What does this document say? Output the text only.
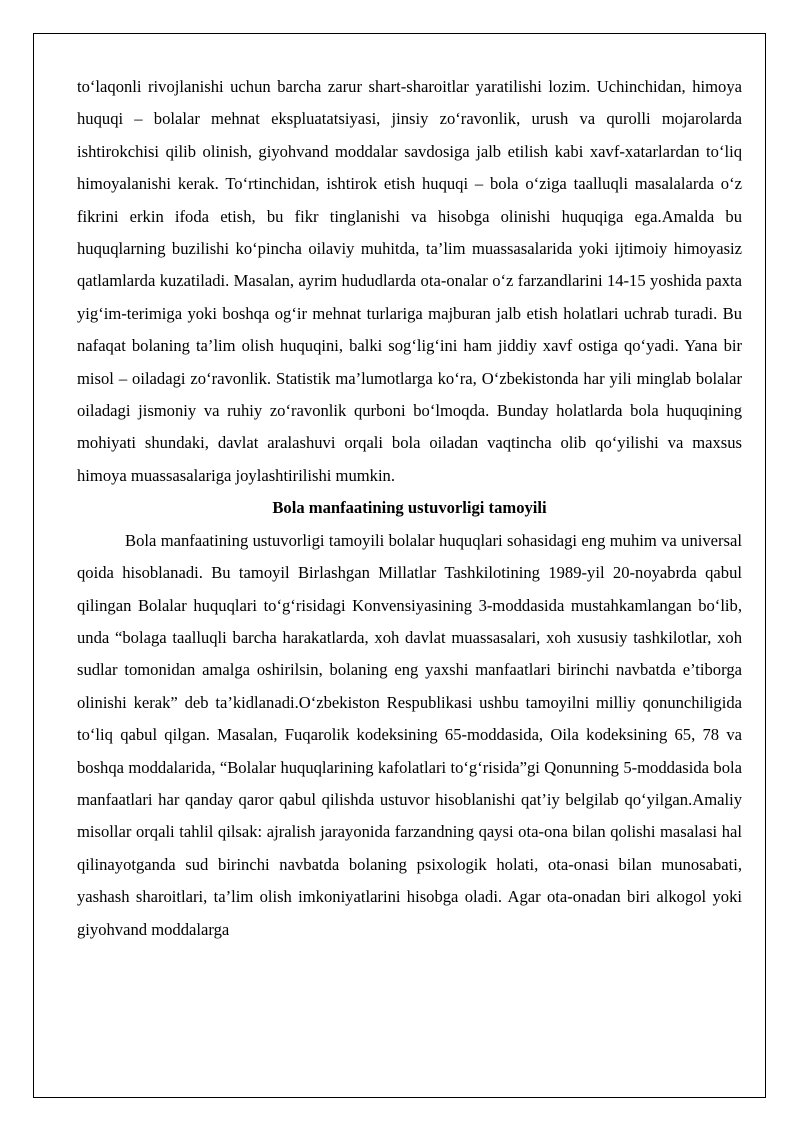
to‘laqonli rivojlanishi uchun barcha zarur shart-sharoitlar yaratilishi lozim. Uchinchidan, himoya huquqi – bolalar mehnat ekspluatatsiyasi, jinsiy zo‘ravonlik, urush va qurolli mojarolarda ishtirokchisi qilib olinish, giyohvand moddalar savdosiga jalb etilish kabi xavf-xatarlardan to‘liq himoyalanishi kerak. To‘rtinchidan, ishtirok etish huquqi – bola o‘ziga taalluqli masalalarda o‘z fikrini erkin ifoda etish, bu fikr tinglanishi va hisobga olinishi huquqiga ega.Amalda bu huquqlarning buzilishi ko‘pincha oilaviy muhitda, ta’lim muassasalarida yoki ijtimoiy himoyasiz qatlamlarda kuzatiladi. Masalan, ayrim hududlarda ota-onalar o‘z farzandlarini 14-15 yoshida paxta yig‘im-terimiga yoki boshqa og‘ir mehnat turlariga majburan jalb etish holatlari uchrab turadi. Bu nafaqat bolaning ta’lim olish huquqini, balki sog‘lig‘ini ham jiddiy xavf ostiga qo‘yadi. Yana bir misol – oiladagi zo‘ravonlik. Statistik ma’lumotlarga ko‘ra, O‘zbekistonda har yili minglab bolalar oiladagi jismoniy va ruhiy zo‘ravonlik qurboni bo‘lmoqda. Bunday holatlarda bola huquqining mohiyati shundaki, davlat aralashuvi orqali bola oiladan vaqtincha olib qo‘yilishi va maxsus himoya muassasalariga joylashtirilishi mumkin.

Bola manfaatining ustuvorligi tamoyili

Bola manfaatining ustuvorligi tamoyili bolalar huquqlari sohasidagi eng muhim va universal qoida hisoblanadi. Bu tamoyil Birlashgan Millatlar Tashkilotining 1989-yil 20-noyabrda qabul qilingan Bolalar huquqlari to‘g‘risidagi Konvensiyasining 3-moddasida mustahkamlangan bo‘lib, unda “bolaga taalluqli barcha harakatlarda, xoh davlat muassasalari, xoh xususiy tashkilotlar, xoh sudlar tomonidan amalga oshirilsin, bolaning eng yaxshi manfaatlari birinchi navbatda e’tiborga olinishi kerak” deb ta’kidlanadi.O‘zbekiston Respublikasi ushbu tamoyilni milliy qonunchiligida to‘liq qabul qilgan. Masalan, Fuqarolik kodeksining 65-moddasida, Oila kodeksining 65, 78 va boshqa moddalarida, “Bolalar huquqlarining kafolatlari to‘g‘risida”gi Qonunning 5-moddasida bola manfaatlari har qanday qaror qabul qilishda ustuvor hisoblanishi qat’iy belgilab qo‘yilgan.Amaliy misollar orqali tahlil qilsak: ajralish jarayonida farzandning qaysi ota-ona bilan qolishi masalasi hal qilinayotganda sud birinchi navbatda bolaning psixologik holati, ota-onasi bilan munosabati, yashash sharoitlari, ta’lim olish imkoniyatlarini hisobga oladi. Agar ota-onadan biri alkogol yoki giyohvand moddalarga
